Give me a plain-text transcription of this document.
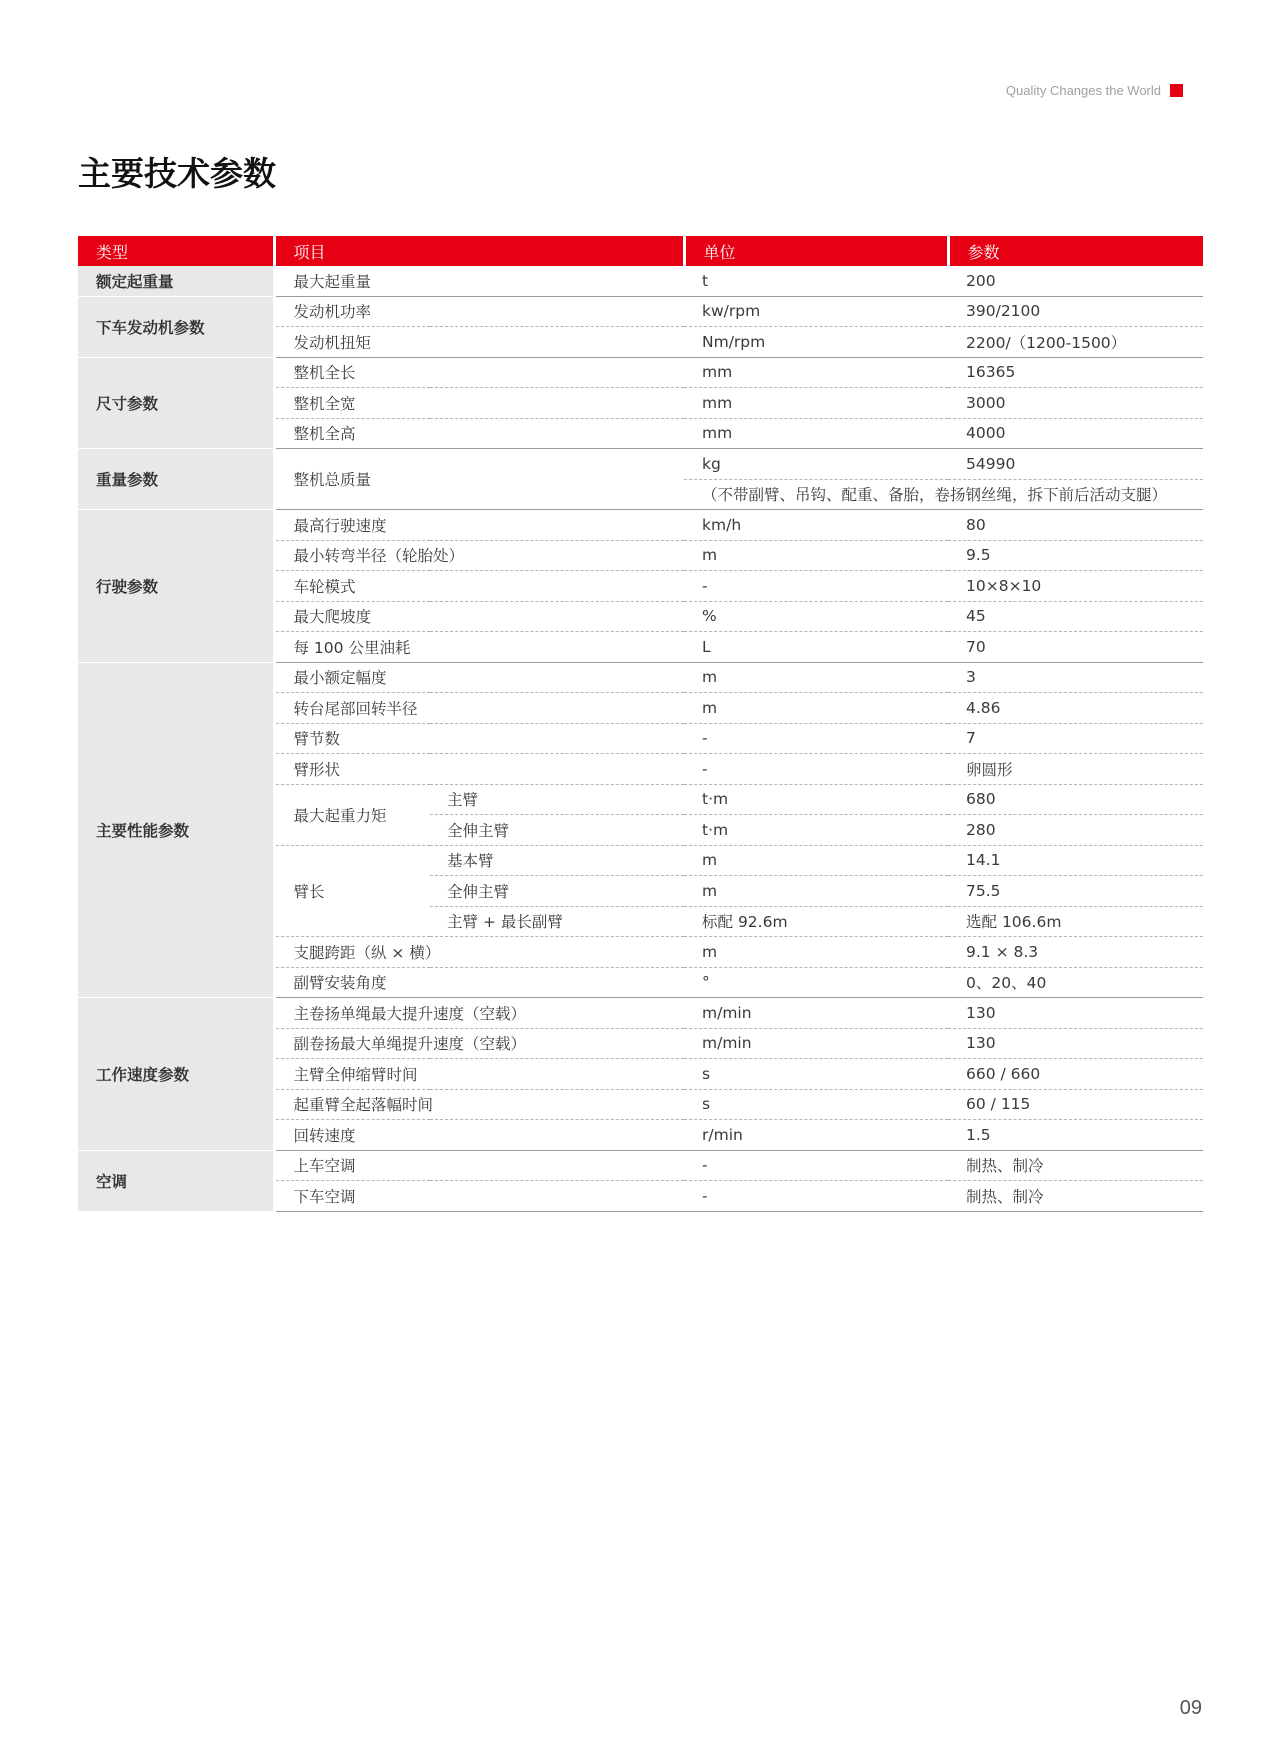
Quality Changes the World
主要技术参数
类型	项目		单位	参数
额定起重量	最大起重量		t	200
下车发动机参数	发动机功率		kw/rpm	390/2100
	发动机扭矩		Nm/rpm	2200/（1200-1500）
尺寸参数	整机全长		mm	16365
	整机全宽		mm	3000
	整机全高		mm	4000
重量参数	整机总质量		kg	54990
			（不带副臂、吊钩、配重、备胎，卷扬钢丝绳，拆下前后活动支腿）	
行驶参数	最高行驶速度		km/h	80
	最小转弯半径（轮胎处）		m	9.5
	车轮模式		-	10×8×10
	最大爬坡度		%	45
	每 100 公里油耗		L	70
主要性能参数	最小额定幅度		m	3
	转台尾部回转半径		m	4.86
	臂节数		-	7
	臂形状		-	卵圆形
	最大起重力矩	主臂	t·m	680
		全伸主臂	t·m	280
	臂长	基本臂	m	14.1
		全伸主臂	m	75.5
		主臂 + 最长副臂	标配 92.6m	选配 106.6m
	支腿跨距（纵 × 横）		m	9.1 × 8.3
	副臂安装角度		°	0、20、40
工作速度参数	主卷扬单绳最大提升速度（空载）		m/min	130
	副卷扬最大单绳提升速度（空载）		m/min	130
	主臂全伸缩臂时间		s	660 / 660
	起重臂全起落幅时间		s	60 / 115
	回转速度		r/min	1.5
空调	上车空调		-	制热、制冷
	下车空调		-	制热、制冷
09
